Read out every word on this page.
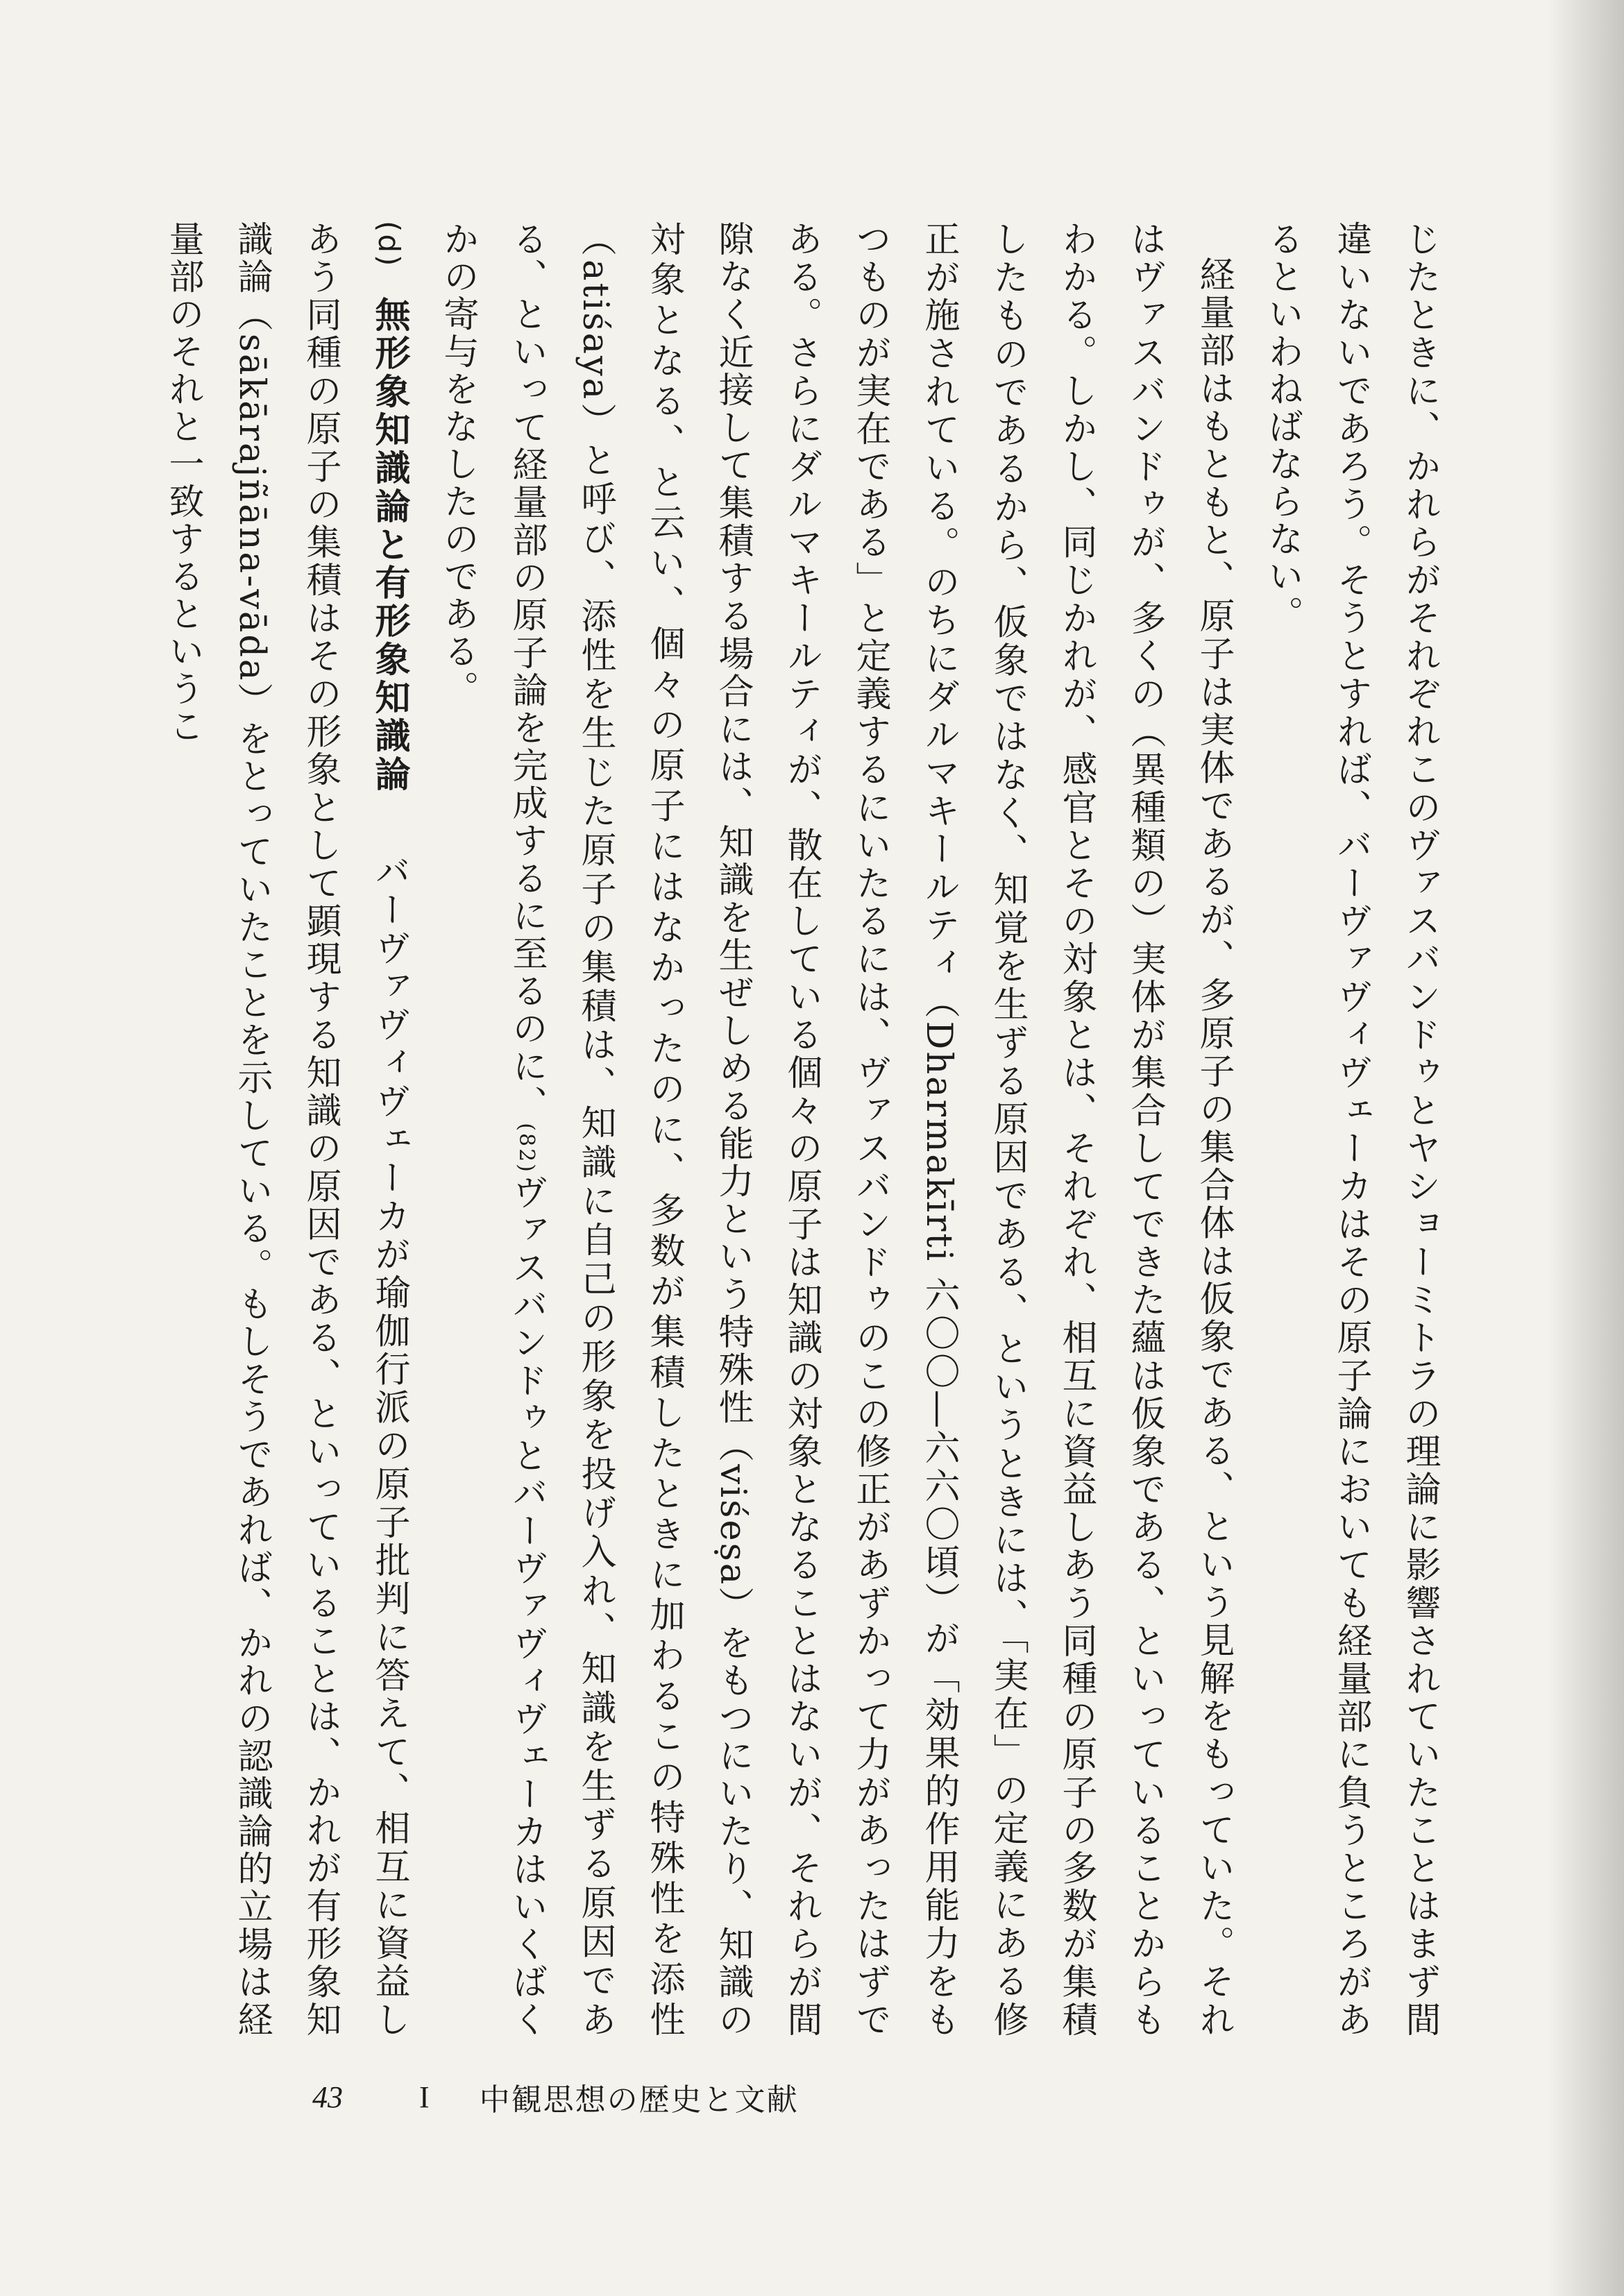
じたときに、かれらがそれぞれこのヴァスバンドゥとヤショーミトラの理論に影響されていたことはまず間違いないであろう。そうとすれば、バーヴァヴィヴェーカはその原子論においても経量部に負うところがあるといわねばならない。

経量部はもともと、原子は実体であるが、多原子の集合体は仮象である、という見解をもっていた。それはヴァスバンドゥが、多くの（異種類の）実体が集合してできた蘊は仮象である、といっていることからもわかる。しかし、同じかれが、感官とその対象とは、それぞれ、相互に資益しあう同種の原子の多数が集積したものであるから、仮象ではなく、知覚を生ずる原因である、というときには、「実在」の定義にある修正が施されている。のちにダルマキールティ（Dharmakīrti 六〇〇―六六〇頃）が「効果的作用能力をもつものが実在である」と定義するにいたるには、ヴァスバンドゥのこの修正があずかって力があったはずである。さらにダルマキールティが、散在している個々の原子は知識の対象となることはないが、それらが間隙なく近接して集積する場合には、知識を生ぜしめる能力という特殊性（viśeṣa）をもつにいたり、知識の対象となる、と云い、個々の原子にはなかったのに、多数が集積したときに加わるこの特殊性を添性（atiśaya）と呼び、添性を生じた原子の集積は、知識に自己の形象を投げ入れ、知識を生ずる原因である、といって経量部の原子論を完成するに至るのに、(82)ヴァスバンドゥとバーヴァヴィヴェーカはいくばくかの寄与をなしたのである。

(d)無形象知識論と有形象知識論　バーヴァヴィヴェーカが瑜伽行派の原子批判に答えて、相互に資益しあう同種の原子の集積はその形象として顕現する知識の原因である、といっていることは、かれが有形象知識論（sākārajñāna-vāda）をとっていたことを示している。もしそうであれば、かれの認識論的立場は経量部のそれと一致するというこ

43	I 中観思想の歴史と文献
